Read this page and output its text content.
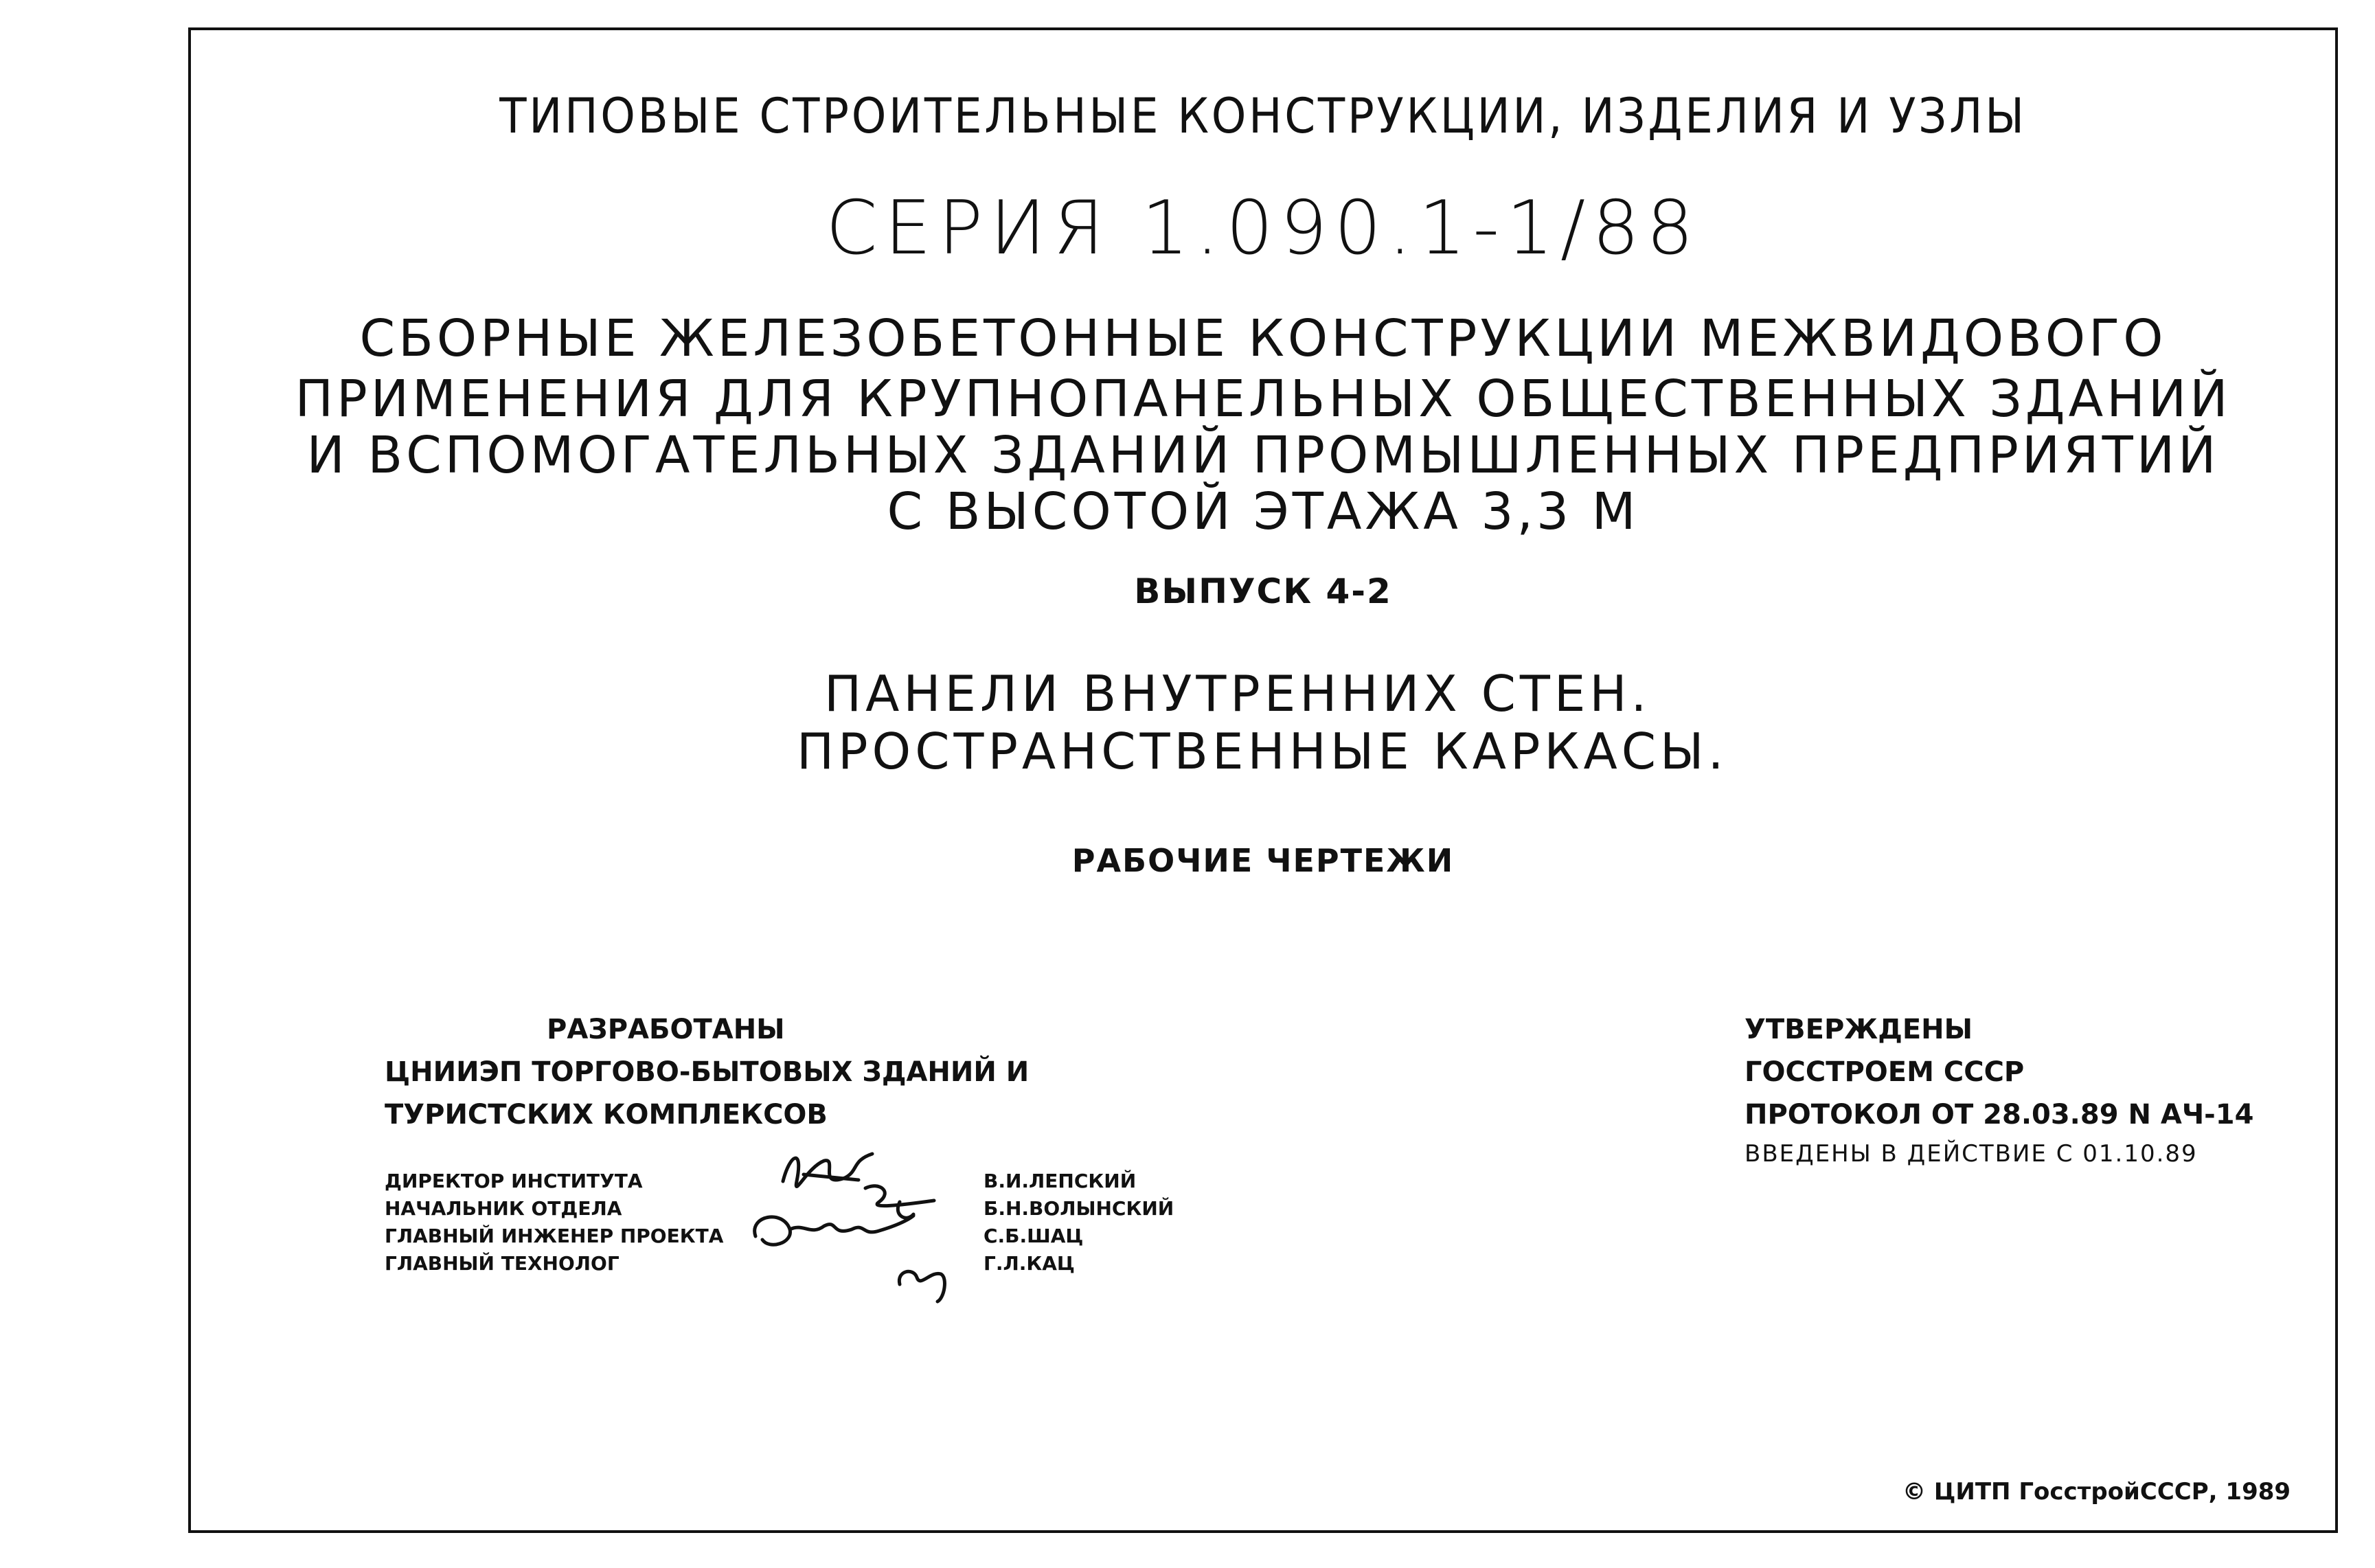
ТИПОВЫЕ СТРОИТЕЛЬНЫЕ КОНСТРУКЦИИ, ИЗДЕЛИЯ И УЗЛЫ
СЕРИЯ 1.090.1-1/88
СБОРНЫЕ ЖЕЛЕЗОБЕТОННЫЕ КОНСТРУКЦИИ МЕЖВИДОВОГО
ПРИМЕНЕНИЯ ДЛЯ КРУПНОПАНЕЛЬНЫХ ОБЩЕСТВЕННЫХ ЗДАНИЙ
И ВСПОМОГАТЕЛЬНЫХ ЗДАНИЙ ПРОМЫШЛЕННЫХ ПРЕДПРИЯТИЙ
С ВЫСОТОЙ ЭТАЖА 3,3 М
ВЫПУСК 4-2
ПАНЕЛИ ВНУТРЕННИХ СТЕН.
ПРОСТРАНСТВЕННЫЕ КАРКАСЫ.
РАБОЧИЕ ЧЕРТЕЖИ
РАЗРАБОТАНЫ
ЦНИИЭП ТОРГОВО-БЫТОВЫХ ЗДАНИЙ И
ТУРИСТСКИХ КОМПЛЕКСОВ
ДИРЕКТОР ИНСТИТУТА
НАЧАЛЬНИК ОТДЕЛА
ГЛАВНЫЙ ИНЖЕНЕР ПРОЕКТА
ГЛАВНЫЙ ТЕХНОЛОГ
В.И.ЛЕПСКИЙ
Б.Н.ВОЛЫНСКИЙ
С.Б.ШАЦ
Г.Л.КАЦ
УТВЕРЖДЕНЫ
ГОССТРОЕМ СССР
ПРОТОКОЛ ОТ 28.03.89 N АЧ-14
ВВЕДЕНЫ В ДЕЙСТВИЕ С 01.10.89
© ЦИТП ГосстройСССР, 1989
